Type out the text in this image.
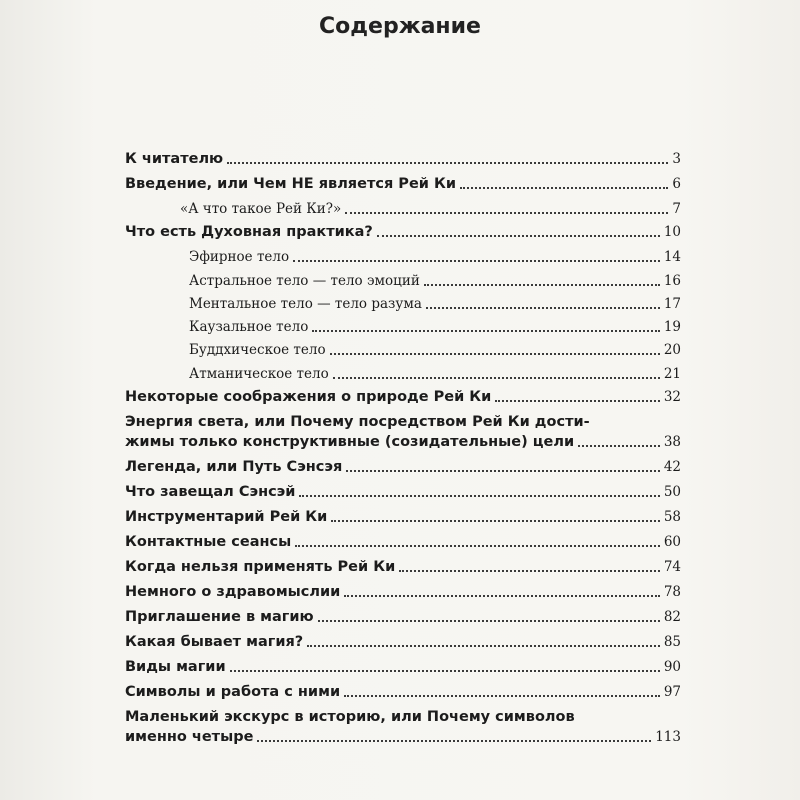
Содержание
К читателю	3
Введение, или Чем НЕ является Рей Ки	6
«А что такое Рей Ки?»	7
Что есть Духовная практика?	10
Эфирное тело	14
Астральное тело — тело эмоций	16
Ментальное тело — тело разума	17
Каузальное тело	19
Буддхическое тело	20
Атманическое тело	21
Некоторые соображения о природе Рей Ки	32
Энергия света, или Почему посредством Рей Ки дости-
жимы только конструктивные (созидательные) цели	38
Легенда, или Путь Сэнсэя	42
Что завещал Сэнсэй	50
Инструментарий Рей Ки	58
Контактные сеансы	60
Когда нельзя применять Рей Ки	74
Немного о здравомыслии	78
Приглашение в магию	82
Какая бывает магия?	85
Виды магии	90
Символы и работа с ними	97
Маленький экскурс в историю, или Почему символов
именно четыре	113
